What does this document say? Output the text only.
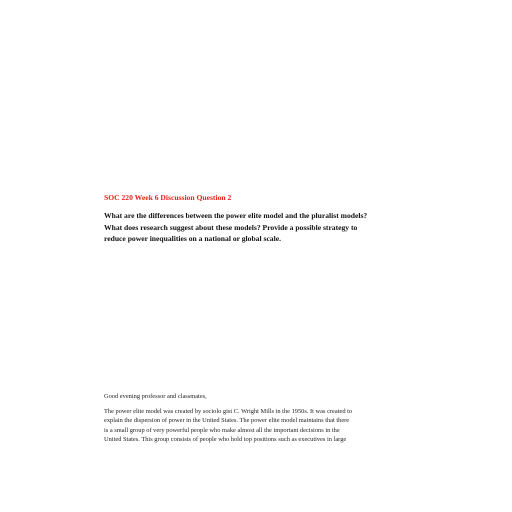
SOC 220 Week 6 Discussion Question 2
What are the differences between the power elite model and the pluralist models?
What does research suggest about these models? Provide a possible strategy to
reduce power inequalities on a national or global scale.
Good evening professor and classmates,
The power elite model was created by sociolo gist C. Wright Mills in the 1950s. It was created to
explain the dispersion of power in the United States. The power elite model maintains that there
is a small group of very powerful people who make almost all the important decisions in the
United States. This group consists of people who hold top positions such as executives in large
